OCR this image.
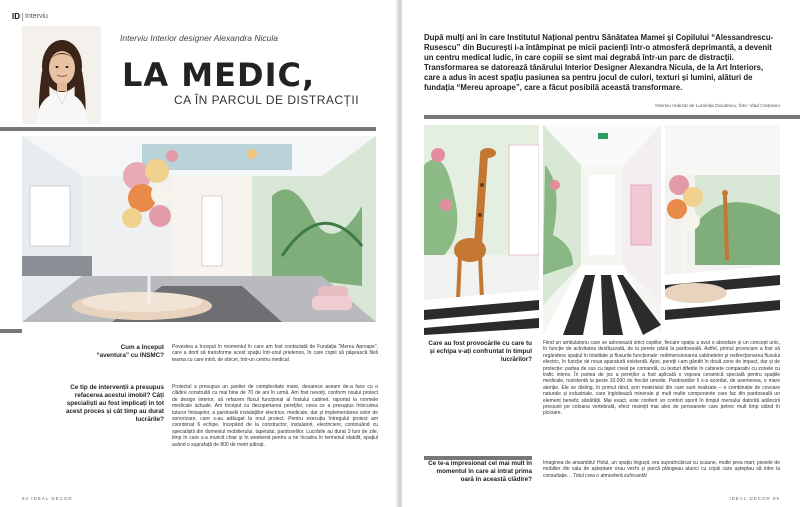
ID Interviu
Interviu Interior designer Alexandra Nicula
LA MEDIC,
CA ÎN PARCUL DE DISTRACȚII
Cum a început “aventura” cu INSMC?
Povestea a început în momentul în care am fost contactată de Fundația “Mereu Aproape”, care a dorit să transforme acest spațiu într-unul prietenos, în care copiii să păşească fără teama cu care intră, de obicei, într-un centru medical.
Ce tip de intervenții a presupus refacerea acestui imobil? Câți specialiști au fost implicați în tot acest proces și cât timp au durat lucrările?
Proiectul a presupus un șantier de complexitate mare, deoarece aveam de-a face cu o clădire construită cu mai bine de 70 de ani în urmă. Am fost nevoiți, conform noului proiect de design interior, să refacem fluxul funcțional al fostului cabinet, raportat la normele medicale actuale. Am început cu decopertarea pereților, ceea ce a presupus înlocuirea tuturor finisajelor, a pardoselii instalațiilor electrice, medicale, dar și implementarea celor de sonorizare, care s-au adăugat la noul proiect. Pentru execuția întregului proiect am coordonat 6 echipe, începând de la constructor, instalatori, electricieni, continuând cu specialiștii din domeniul mobilierului, tapetului, pardoselilor. Lucrările au durat 3 luni de zile, timp în care s-a muncit chiar și în weekend pentru a ne încadra în termenul stabilit, spațiul având o suprafață de 800 de metri pătrați.
84 IDEAL DECOR
După mulți ani în care Institutul Național pentru Sănătatea Mamei și Copilului “Alessandrescu-Rusescu” din București i-a întâmpinat pe micii pacienți într-o atmosferă deprimantă, a devenit un centru medical ludic, în care copiii se simt mai degrabă într-un parc de distracții. Transformarea se datorează tânărului Interior Designer Alexandra Nicula, de la Art Interiors, care a adus în acest spațiu pasiunea sa pentru jocul de culori, texturi și lumini, alături de fundația “Mereu aproape”, care a făcut posibilă această transformare.
Interviu realizat de Luminița Diculescu; foto: Vlad Crețeanu
Care au fost provocările cu care tu și echipa v-ați confruntat în timpul lucrărilor?
Fiind un ambulatoriu care se adresează strict copiilor, fiecare spațiu a avut o abordare și un concept unic, în funcție de activitatea desfășurată, de la perete până la pardoseală. Astfel, primul provocare a fost să regândesc spațiul în totalitate și fluxurile funcționale: redimensionarea cabinetelor și redirecționarea fluxului electric, în funcție de noua aparatură existentă. Apoi, pereții i-am gândit în două zone de impact, dar și de protecție: partea de sus cu tapet creat pe comandă, cu texturi diferite în cabinete comparativ cu zonele cu trafic intens. În partea de jos a pereților a fost aplicată o vopsea ceramică specială pentru spațiile medicale, rezistentă la peste 10.000 de frecări umede. Pardoselilor li s-a acordat, de asemenea, o mare atenție. Ele se disting, în primul rând, prin materialul din care sunt realizate – o combinație de covoare naturale și industriale, care înglobează minerale și mult multe componente care fac din pardoseală un element benefic sănătății. Mai exact, este conferit un confort sporit în timpul mersului datorită adâncirii presiunii pe coloana vertebrală, efect resimțit mai ales de persoanele care petrec mult timp stând în picioare.
Ce te-a impresionat cel mai mult în momentul în care ai intrat prima oară în această clădire?
Imaginea de ansamblu! Holul, un spațiu lingușit, era supraîncărcat cu scaune, multe prea mari; piesele de mobilier din sala de așteptare erau vechi și parcă plângeau atunci cu copiii care așteptau să intre la consultație… Totul crea o atmosferă sufocantă!
IDEAL DECOR 85
